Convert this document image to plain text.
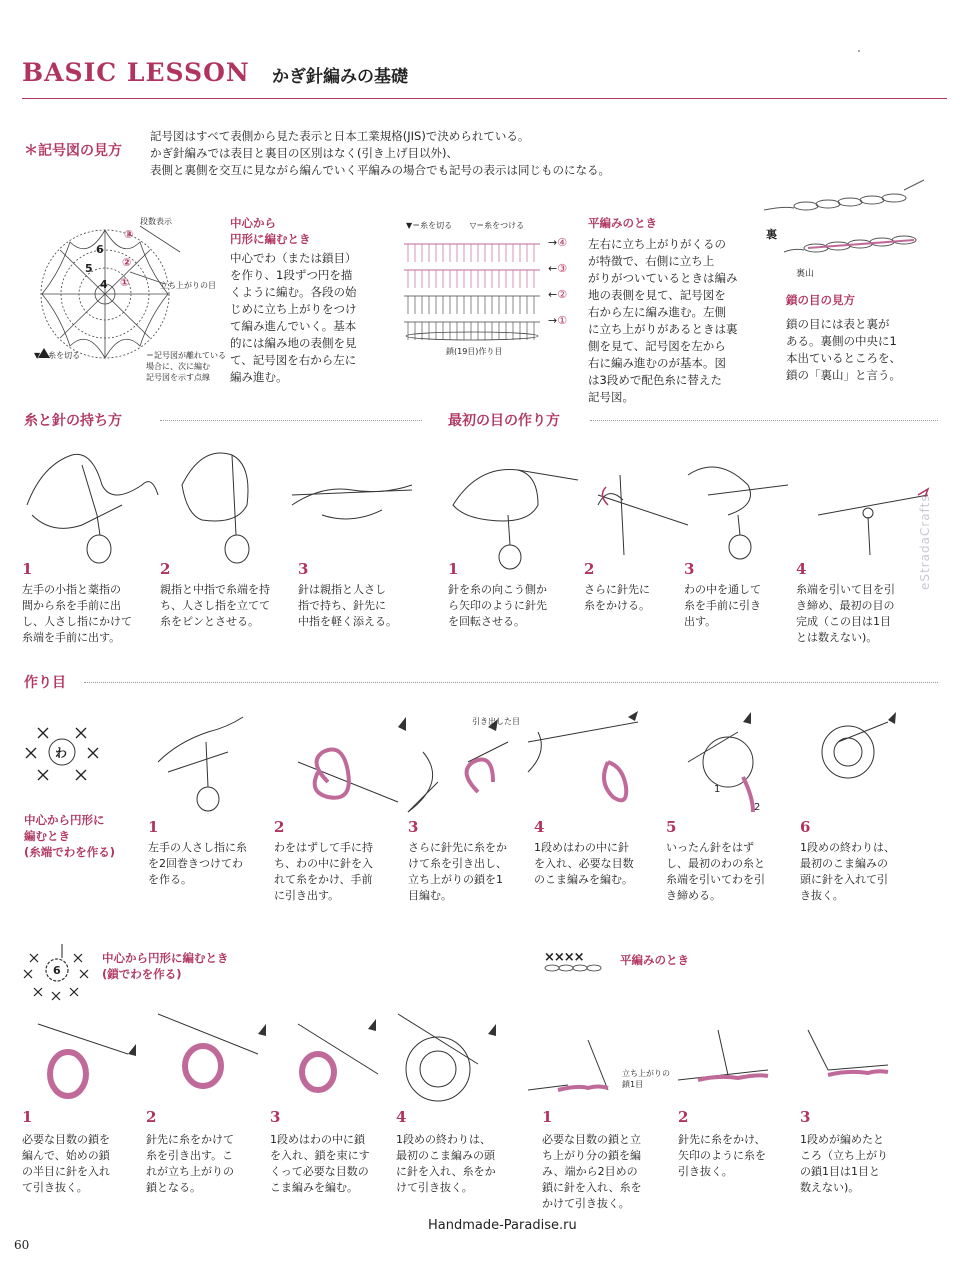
BASIC LESSON かぎ針編みの基礎
＊記号図の見方
記号図はすべて表側から見た表示と日本工業規格(JIS)で決められている。
かぎ針編みでは表目と裏目の区別はなく(引き上げ目以外)、
表側と裏側を交互に見ながら編んでいく平編みの場合でも記号の表示は同じものになる。
6
5
4
③
②
①
段数表示
立ち上がりの目
▼＝糸を切る	＝記号図が離れている
場合に、次に編む
記号図を示す点線
中心から
円形に編むとき
中心でわ（または鎖目）
を作り、1段ずつ円を描
くように編む。各段の始
じめに立ち上がりをつけ
て編み進んでいく。基本
的には編み地の表側を見
て、記号図を右から左に
編み進む。
▼＝糸を切る ▽＝糸をつける
鎖(19目)作り目
→④
←③
←②
→①
平編みのとき
左右に立ち上がりがくるの
が特徴で、右側に立ち上
がりがついているときは編み
地の表側を見て、記号図を
右から左に編み進む。左側
に立ち上がりがあるときは裏
側を見て、記号図を左から
右に編み進むのが基本。図
は3段めで配色糸に替えた
記号図。
裏
裏山
鎖の目の見方
鎖の目には表と裏が
ある。裏側の中央に1
本出ているところを、
鎖の「裏山」と言う。
糸と針の持ち方
1
左手の小指と薬指の
間から糸を手前に出
し、人さし指にかけて
糸端を手前に出す。
2
親指と中指で糸端を持
ち、人さし指を立てて
糸をピンとさせる。
3
針は親指と人さし
指で持ち、針先に
中指を軽く添える。
最初の目の作り方
1
針を糸の向こう側か
ら矢印のように針先
を回転させる。
2
さらに針先に
糸をかける。
3
わの中を通して
糸を手前に引き
出す。
4
糸端を引いて目を引
き締め、最初の目の
完成（この目は1目
とは数えない)。
作り目
わ
中心から円形に
編むとき
(糸端でわを作る)
引き出した目
1
2
1
左手の人さし指に糸
を2回巻きつけてわ
を作る。
2
わをはずして手に持
ち、わの中に針を入
れて糸をかけ、手前
に引き出す。
3
さらに針先に糸をか
けて糸を引き出し、
立ち上がりの鎖を1
目編む。
4
1段めはわの中に針
を入れ、必要な目数
のこま編みを編む。
5
いったん針をはず
し、最初のわの糸と
糸端を引いてわを引
き締める。
6
1段めの終わりは、
最初のこま編みの
頭に針を入れて引
き抜く。
6
中心から円形に編むとき
(鎖でわを作る)
1
必要な目数の鎖を
編んで、始めの鎖
の半目に針を入れ
て引き抜く。
2
針先に糸をかけて
糸を引き出す。こ
れが立ち上がりの
鎖となる。
3
1段めはわの中に鎖
を入れ、鎖を束にす
くって必要な目数の
こま編みを編む。
4
1段めの終わりは、
最初のこま編みの頭
に針を入れ、糸をか
けて引き抜く。
××××	平編みのとき
立ち上がりの
鎖1目
1
必要な目数の鎖と立
ち上がり分の鎖を編
み、端から2目めの
鎖に針を入れ、糸を
かけて引き抜く。
2
針先に糸をかけ、
矢印のように糸を
引き抜く。
3
1段めが編めたと
ころ（立ち上がり
の鎖1目は1目と
数えない)。
Handmade-Paradise.ru
60
eStradaCrafts
